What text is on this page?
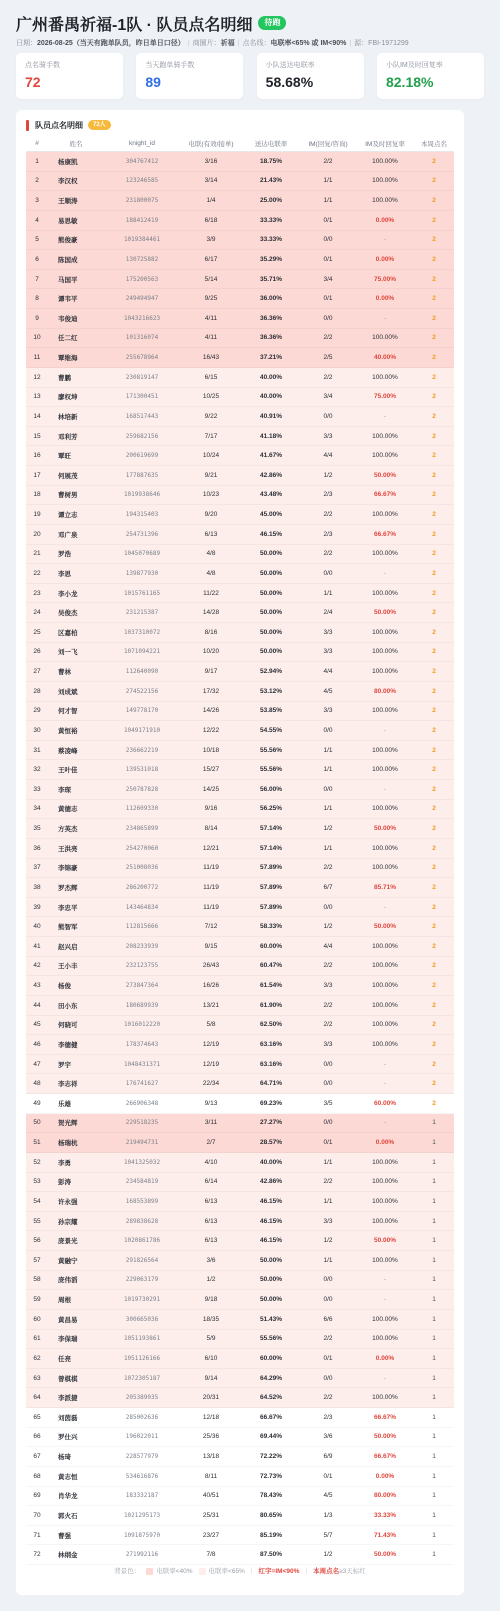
广州番禺祈福-1队 · 队员点名明细	待跑
日期：2026-08-25（当天有跑单队员，昨日单日口径） | 商圈片：祈福 | 点名线：电联率<65% 或 IM<90% | 源：FBI-1971299
点名骑手数
72
当天跑单骑手数
89
小队送达电联率
58.68%
小队IM及时回复率
82.18%
队员点名明细	72人
#	姓名	knight_id	电联(有效/接单)	送达电联率	IM(回复/咨询)	IM及时回复率	本周点名
1	杨康凯	304767412	3/16	18.75%	2/2	100.00%	2
2	李汉权	123246585	3/14	21.43%	1/1	100.00%	2
3	王顺涛	231800075	1/4	25.00%	1/1	100.00%	2
4	易思敏	188412419	6/18	33.33%	0/1	0.00%	2
5	熊俊豪	1019384461	3/9	33.33%	0/0	-	2
6	陈国成	130725882	6/17	35.29%	0/1	0.00%	2
7	马国平	175200563	5/14	35.71%	3/4	75.00%	2
8	谭韦平	249494947	9/25	36.00%	0/1	0.00%	2
9	韦俊迪	1043216623	4/11	36.36%	0/0	-	2
10	任二红	101316074	4/11	36.36%	2/2	100.00%	2
11	覃维海	255678964	16/43	37.21%	2/5	40.00%	2
12	曹鹏	230819147	6/15	40.00%	2/2	100.00%	2
13	廖权坤	171300451	10/25	40.00%	3/4	75.00%	2
14	林培新	168517443	9/22	40.91%	0/0	-	2
15	邓利芳	259682156	7/17	41.18%	3/3	100.00%	2
16	覃旺	200619699	10/24	41.67%	4/4	100.00%	2
17	何展茂	177887635	9/21	42.86%	1/2	50.00%	2
18	曹树男	1019938646	10/23	43.48%	2/3	66.67%	2
19	谭立志	194315403	9/20	45.00%	2/2	100.00%	2
20	邓广泉	254731396	6/13	46.15%	2/3	66.67%	2
21	罗浩	1045070689	4/8	50.00%	2/2	100.00%	2
22	李思	139877930	4/8	50.00%	0/0	-	2
23	李小龙	1015761165	11/22	50.00%	1/1	100.00%	2
24	吴俊杰	231215387	14/28	50.00%	2/4	50.00%	2
25	区嘉柏	1037310072	8/16	50.00%	3/3	100.00%	2
26	刘一飞	1071094221	10/20	50.00%	3/3	100.00%	2
27	曹林	112640090	9/17	52.94%	4/4	100.00%	2
28	刘成斌	274522156	17/32	53.12%	4/5	80.00%	2
29	何才智	149778170	14/26	53.85%	3/3	100.00%	2
30	黄恒裕	1049171910	12/22	54.55%	0/0	-	2
31	蔡凌峰	236662219	10/18	55.56%	1/1	100.00%	2
32	王叶佳	139531018	15/27	55.56%	1/1	100.00%	2
33	李琛	250787828	14/25	56.00%	0/0	-	2
34	黄德志	112609330	9/16	56.25%	1/1	100.00%	2
35	方英杰	234865899	8/14	57.14%	1/2	50.00%	2
36	王洪亮	254270060	12/21	57.14%	1/1	100.00%	2
37	李锦豪	251008036	11/19	57.89%	2/2	100.00%	2
38	罗杰辉	286200772	11/19	57.89%	6/7	85.71%	2
39	李忠平	143464834	11/19	57.89%	0/0	-	2
40	熊智军	112815666	7/12	58.33%	1/2	50.00%	2
41	赵兴启	208233939	9/15	60.00%	4/4	100.00%	2
42	王小丰	232123755	26/43	60.47%	2/2	100.00%	2
43	杨俊	273847364	16/26	61.54%	3/3	100.00%	2
44	田小东	180689939	13/21	61.90%	2/2	100.00%	2
45	何晓可	1016012220	5/8	62.50%	2/2	100.00%	2
46	李德健	178374643	12/19	63.16%	3/3	100.00%	2
47	罗宇	1048431371	12/19	63.16%	0/0	-	2
48	李志祥	176741627	22/34	64.71%	0/0	-	2
49	乐雄	266906348	9/13	69.23%	3/5	60.00%	2
50	贺光辉	229518235	3/11	27.27%	0/0	-	1
51	杨瑞杭	219494731	2/7	28.57%	0/1	0.00%	1
52	李勇	1041325032	4/10	40.00%	1/1	100.00%	1
53	彭涛	234584819	6/14	42.86%	2/2	100.00%	1
54	许永强	168553899	6/13	46.15%	1/1	100.00%	1
55	孙宗耀	289838628	6/13	46.15%	3/3	100.00%	1
56	庞景光	1020861786	6/13	46.15%	1/2	50.00%	1
57	黄融宁	291826564	3/6	50.00%	1/1	100.00%	1
58	庞伟滔	229063179	1/2	50.00%	0/0	-	1
59	周根	1019730291	9/18	50.00%	0/0	-	1
60	黄昌易	300665036	18/35	51.43%	6/6	100.00%	1
61	李保瑞	1051193861	5/9	55.56%	2/2	100.00%	1
62	任亮	1051126166	6/10	60.00%	0/1	0.00%	1
63	曾棋棋	1072305187	9/14	64.29%	0/0	-	1
64	李派捷	205389035	20/31	64.52%	2/2	100.00%	1
65	刘茵磊	285002636	12/18	66.67%	2/3	66.67%	1
66	罗仕兴	196022011	25/36	69.44%	3/6	50.00%	1
67	杨琦	228577979	13/18	72.22%	6/9	66.67%	1
68	黄志恒	534616876	8/11	72.73%	0/1	0.00%	1
69	肖华龙	183332187	40/51	78.43%	4/5	80.00%	1
70	郭火石	1021295173	25/31	80.65%	1/3	33.33%	1
71	曹强	1091875970	23/27	85.19%	5/7	71.43%	1
72	林纲金	271992116	7/8	87.50%	1/2	50.00%	1
背景色：	电联率<40%	电联率<65% | 红字=IM<90% | 本周点名≥3天标红
